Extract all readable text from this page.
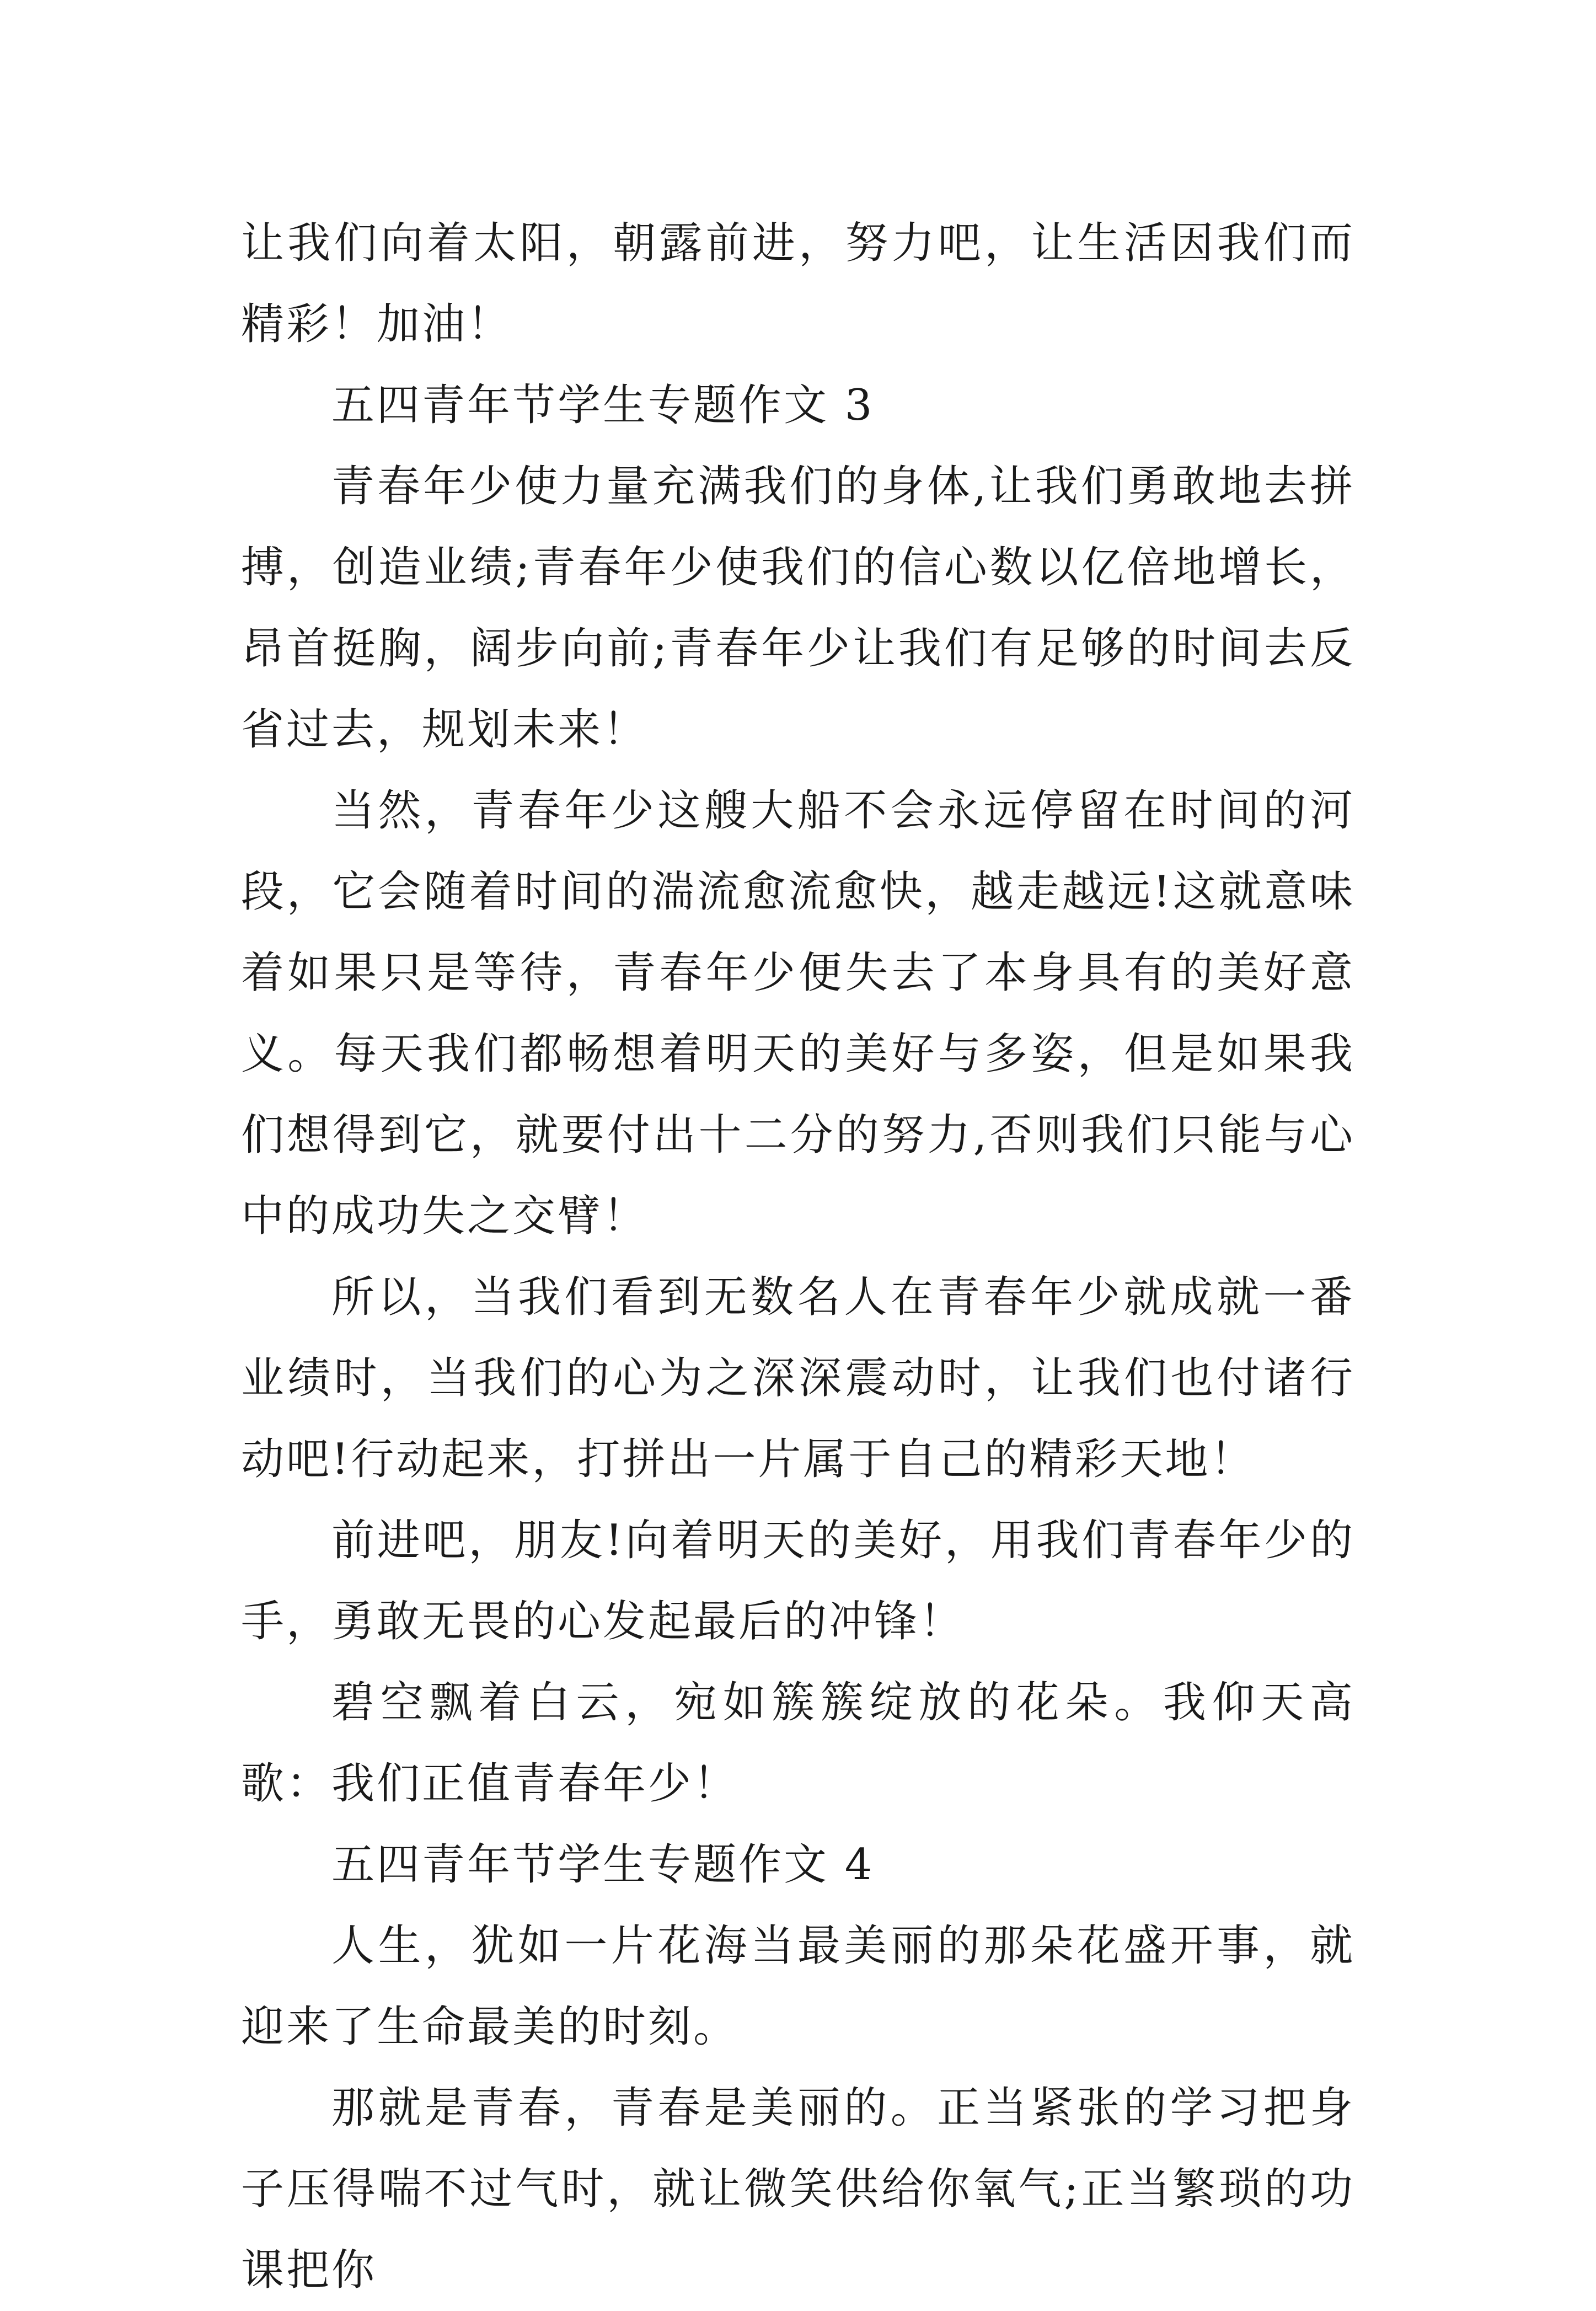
让我们向着太阳，朝露前进，努力吧，让生活因我们而精彩！加油！

五四青年节学生专题作文 3

青春年少使力量充满我们的身体,让我们勇敢地去拼搏，创造业绩;青春年少使我们的信心数以亿倍地增长，昂首挺胸，阔步向前;青春年少让我们有足够的时间去反省过去，规划未来！

当然，青春年少这艘大船不会永远停留在时间的河段，它会随着时间的湍流愈流愈快，越走越远!这就意味着如果只是等待，青春年少便失去了本身具有的美好意义。每天我们都畅想着明天的美好与多姿，但是如果我们想得到它，就要付出十二分的努力,否则我们只能与心中的成功失之交臂！

所以，当我们看到无数名人在青春年少就成就一番业绩时，当我们的心为之深深震动时，让我们也付诸行动吧!行动起来，打拼出一片属于自己的精彩天地！

前进吧，朋友!向着明天的美好，用我们青春年少的手，勇敢无畏的心发起最后的冲锋！

碧空飘着白云，宛如簇簇绽放的花朵。我仰天高歌：我们正值青春年少！

五四青年节学生专题作文 4

人生，犹如一片花海当最美丽的那朵花盛开事，就迎来了生命最美的时刻。

那就是青春，青春是美丽的。正当紧张的学习把身子压得喘不过气时，就让微笑供给你氧气;正当繁琐的功课把你
